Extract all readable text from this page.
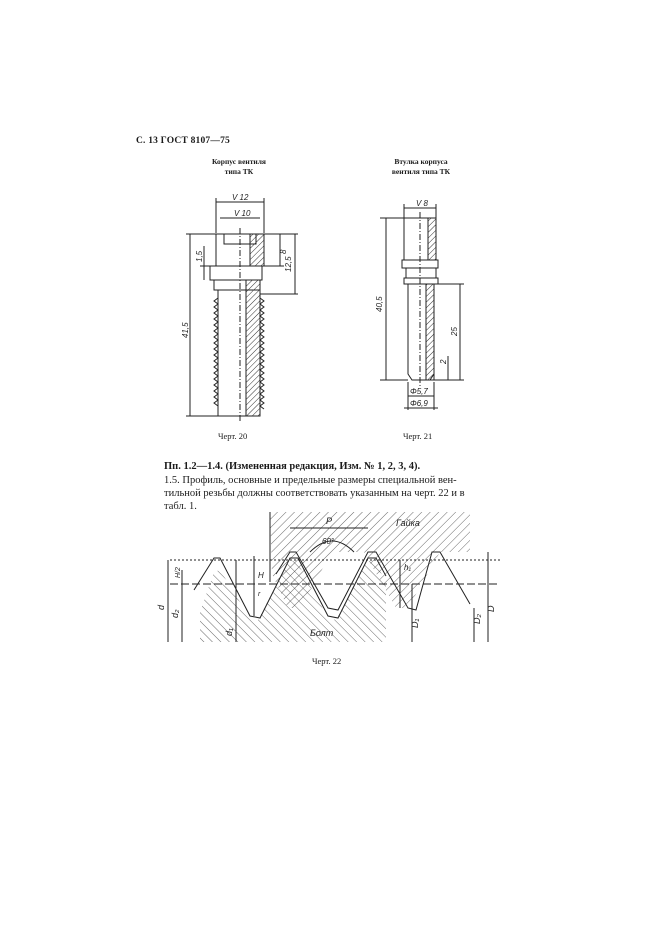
С. 13 ГОСТ 8107—75
Корпус вентиля
типа ТК
Втулка корпуса
вентиля типа ТК
V 12
V 10
8
12,5
1,5
41,5
V 8
40,5
25
2
Φ5,7
Φ6,9
Черт. 20	Черт. 21
Пп. 1.2—1.4. (Измененная редакция, Изм. № 1, 2, 3, 4).
1.5. Профиль, основные и предельные размеры специальной вен-
тильной резьбы должны соответствовать указанным на черт. 22 и в
табл. 1.
P	Гайка
Болт
60°
H
h₁
H/2
r
d
d₂
d₁
D₁	D₂
D
Черт. 22
